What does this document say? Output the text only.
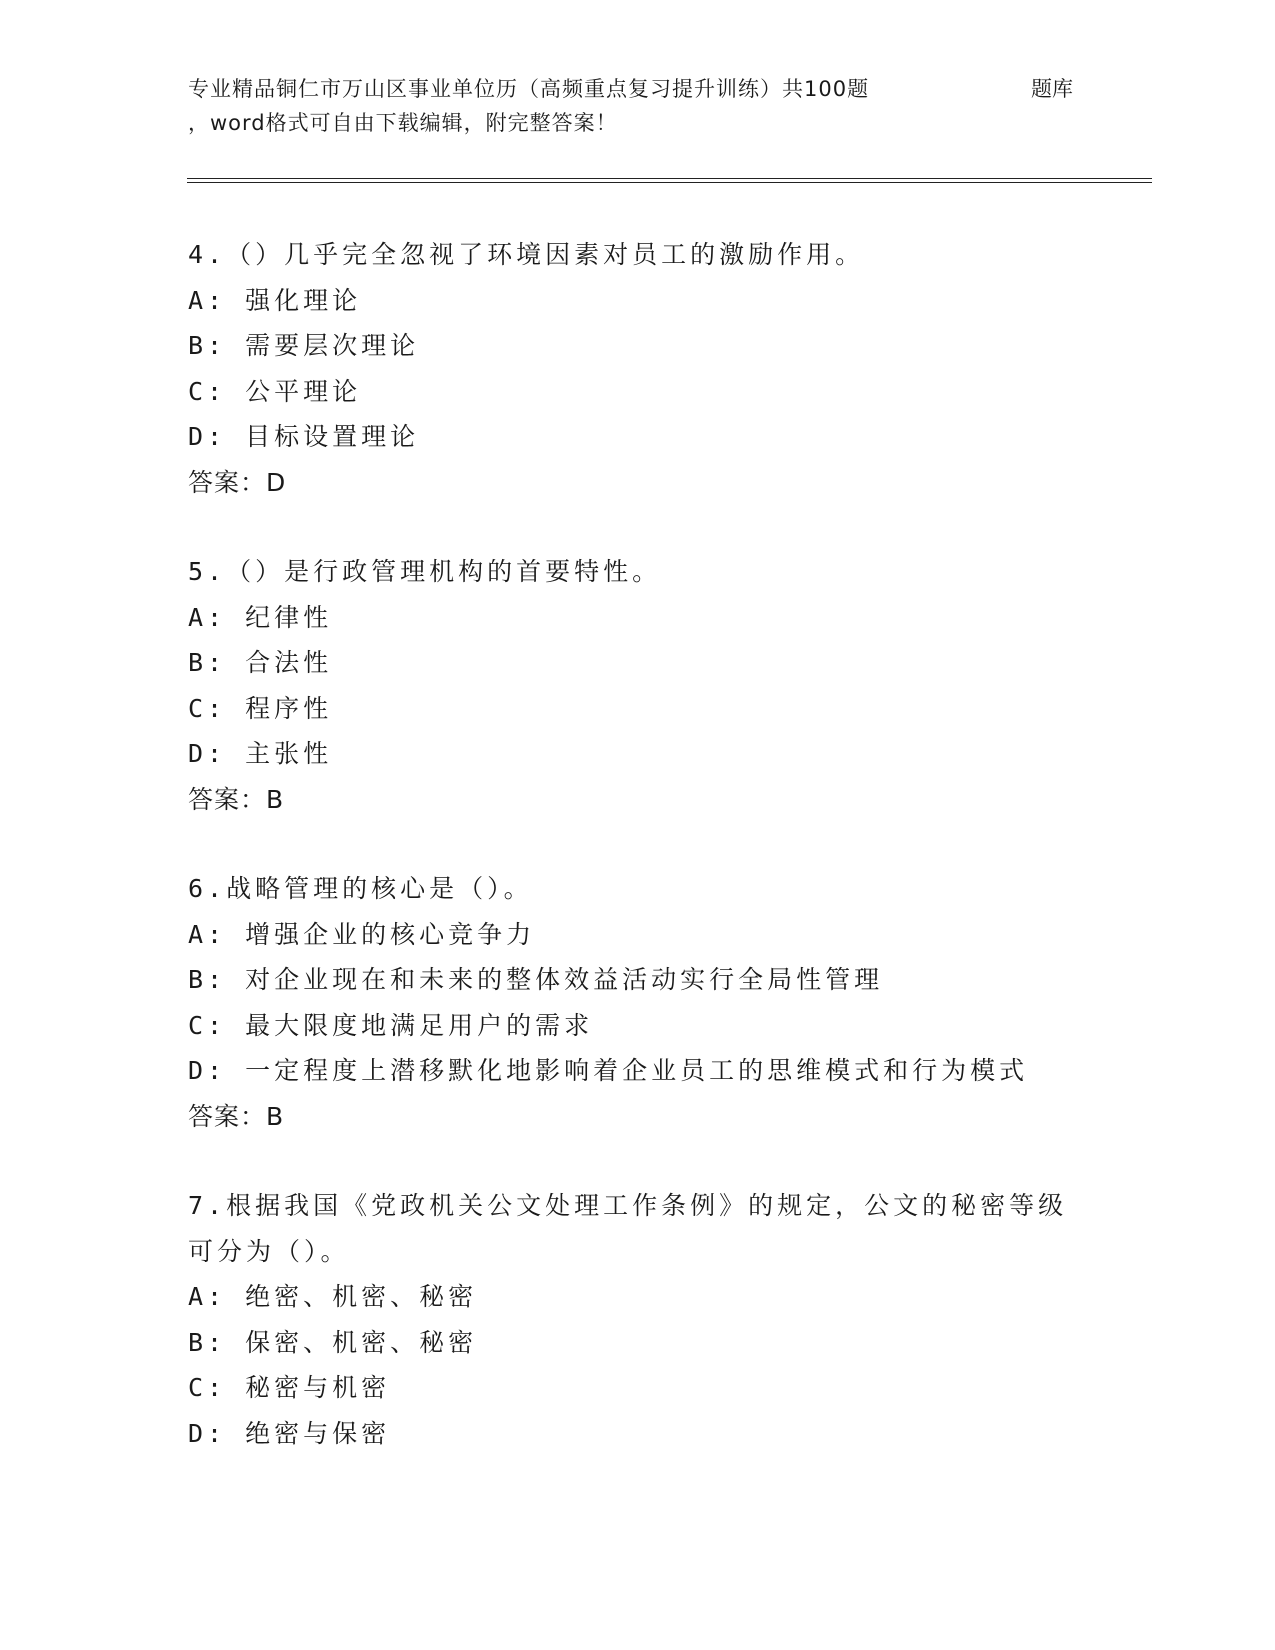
专业精品铜仁市万山区事业单位历（高频重点复习提升训练）共100题	题库
，word格式可自由下载编辑，附完整答案！
4.（）几乎完全忽视了环境因素对员工的激励作用。
A: 强化理论
B: 需要层次理论
C: 公平理论
D: 目标设置理论
答案：D
5.（）是行政管理机构的首要特性。
A: 纪律性
B: 合法性
C: 程序性
D: 主张性
答案：B
6.战略管理的核心是（）。
A: 增强企业的核心竞争力
B: 对企业现在和未来的整体效益活动实行全局性管理
C: 最大限度地满足用户的需求
D: 一定程度上潜移默化地影响着企业员工的思维模式和行为模式
答案：B
7.根据我国《党政机关公文处理工作条例》的规定，公文的秘密等级可分为（）。
A: 绝密、机密、秘密
B: 保密、机密、秘密
C: 秘密与机密
D: 绝密与保密
